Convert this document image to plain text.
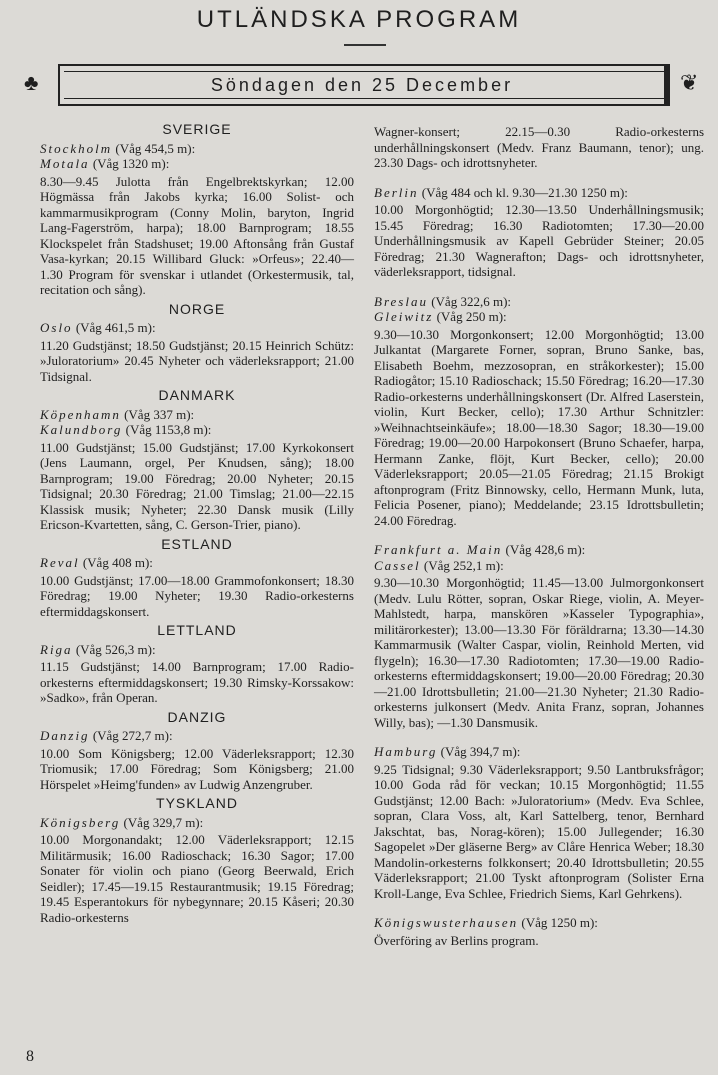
UTLÄNDSKA PROGRAM
♣	Söndagen den 25 December	❦
SVERIGE

Stockholm (Våg 454,5 m):

Motala (Våg 1320 m):

8.30—9.45 Julotta från Engelbrektskyrkan; 12.00 Högmässa från Jakobs kyrka; 16.00 Solist- och kammarmusikprogram (Conny Molin, baryton, Ingrid Lang-Fagerström, harpa); 18.00 Barnprogram; 18.55 Klockspelet från Stadshuset; 19.00 Aftonsång från Gustaf Vasa-kyrkan; 20.15 Willibard Gluck: »Orfeus»; 22.40—1.30 Program för svenskar i utlandet (Orkestermusik, tal, recitation och sång).

NORGE

Oslo (Våg 461,5 m):

11.20 Gudstjänst; 18.50 Gudstjänst; 20.15 Heinrich Schütz: »Juloratorium» 20.45 Nyheter och väderleksrapport; 21.00 Tidsignal.

DANMARK

Köpenhamn (Våg 337 m):

Kalundborg (Våg 1153,8 m):

11.00 Gudstjänst; 15.00 Gudstjänst; 17.00 Kyrkokonsert (Jens Laumann, orgel, Per Knudsen, sång); 18.00 Barnprogram; 19.00 Föredrag; 20.00 Nyheter; 20.15 Tidsignal; 20.30 Föredrag; 21.00 Timslag; 21.00—22.15 Klassisk musik; Nyheter; 22.30 Dansk musik (Lilly Ericson-Kvartetten, sång, C. Gerson-Trier, piano).

ESTLAND

Reval (Våg 408 m):

10.00 Gudstjänst; 17.00—18.00 Grammofonkonsert; 18.30 Föredrag; 19.00 Nyheter; 19.30 Radio-orkesterns eftermiddagskonsert.

LETTLAND

Riga (Våg 526,3 m):

11.15 Gudstjänst; 14.00 Barnprogram; 17.00 Radio-orkesterns eftermiddagskonsert; 19.30 Rimsky-Korssakow: »Sadko», från Operan.

DANZIG

Danzig (Våg 272,7 m):

10.00 Som Königsberg; 12.00 Väderleksrapport; 12.30 Triomusik; 17.00 Föredrag; Som Königsberg; 21.00 Hörspelet »Heimg'funden» av Ludwig Anzengruber.

TYSKLAND

Königsberg (Våg 329,7 m):

10.00 Morgonandakt; 12.00 Väderleksrapport; 12.15 Militärmusik; 16.00 Radioschack; 16.30 Sagor; 17.00 Sonater för violin och piano (Georg Beerwald, Erich Seidler); 17.45—19.15 Restaurantmusik; 19.15 Föredrag; 19.45 Esperantokurs för nybegynnare; 20.15 Kåseri; 20.30 Radio-orkesterns

Wagner-konsert; 22.15—0.30 Radio-orkesterns underhållningskonsert (Medv. Franz Baumann, tenor); ung. 23.30 Dags- och idrottsnyheter.

Berlin (Våg 484 och kl. 9.30—21.30 1250 m):

10.00 Morgonhögtid; 12.30—13.50 Underhållningsmusik; 15.45 Föredrag; 16.30 Radiotomten; 17.30—20.00 Underhållningsmusik av Kapell Gebrüder Steiner; 20.05 Föredrag; 21.30 Wagnerafton; Dags- och idrottsnyheter, väderleksrapport, tidsignal.

Breslau (Våg 322,6 m):

Gleiwitz (Våg 250 m):

9.30—10.30 Morgonkonsert; 12.00 Morgonhögtid; 13.00 Julkantat (Margarete Forner, sopran, Bruno Sanke, bas, Elisabeth Boehm, mezzosopran, en stråkorkester); 15.00 Radiogåtor; 15.10 Radioschack; 15.50 Föredrag; 16.20—17.30 Radio-orkesterns underhållningskonsert (Dr. Alfred Laserstein, violin, Kurt Becker, cello); 17.30 Arthur Schnitzler: »Weihnachtseinkäufe»; 18.00—18.30 Sagor; 18.30—19.00 Föredrag; 19.00—20.00 Harpokonsert (Bruno Schaefer, harpa, Hermann Zanke, flöjt, Kurt Becker, cello); 20.00 Väderleksrapport; 20.05—21.05 Föredrag; 21.15 Brokigt aftonprogram (Fritz Binnowsky, cello, Hermann Munk, luta, Felicia Posener, piano); Meddelande; 23.15 Idrottsbulletin; 24.00 Föredrag.

Frankfurt a. Main (Våg 428,6 m):

Cassel (Våg 252,1 m):

9.30—10.30 Morgonhögtid; 11.45—13.00 Julmorgonkonsert (Medv. Lulu Rötter, sopran, Oskar Riege, violin, A. Meyer-Mahlstedt, harpa, manskören »Kasseler Typographia», militärorkester); 13.00—13.30 För föräldrarna; 13.30—14.30 Kammarmusik (Walter Caspar, violin, Reinhold Merten, vid flygeln); 16.30—17.30 Radiotomten; 17.30—19.00 Radio-orkesterns eftermiddagskonsert; 19.00—20.00 Föredrag; 20.30—21.00 Idrottsbulletin; 21.00—21.30 Nyheter; 21.30 Radio-orkesterns julkonsert (Medv. Anita Franz, sopran, Johannes Willy, bas); —1.30 Dansmusik.

Hamburg (Våg 394,7 m):

9.25 Tidsignal; 9.30 Väderleksrapport; 9.50 Lantbruksfrågor; 10.00 Goda råd för veckan; 10.15 Morgonhögtid; 11.55 Gudstjänst; 12.00 Bach: »Juloratorium» (Medv. Eva Schlee, sopran, Clara Voss, alt, Karl Sattelberg, tenor, Bernhard Jakschtat, bas, Norag-kören); 15.00 Jullegender; 16.30 Sagopelet »Der gläserne Berg» av Clåre Henrica Weber; 18.30 Mandolin-orkesterns folkkonsert; 20.40 Idrottsbulletin; 20.55 Väderleksrapport; 21.00 Tyskt aftonprogram (Solister Erna Kroll-Lange, Eva Schlee, Friedrich Siems, Karl Gehrkens).

Königswusterhausen (Våg 1250 m):

Överföring av Berlins program.

8
